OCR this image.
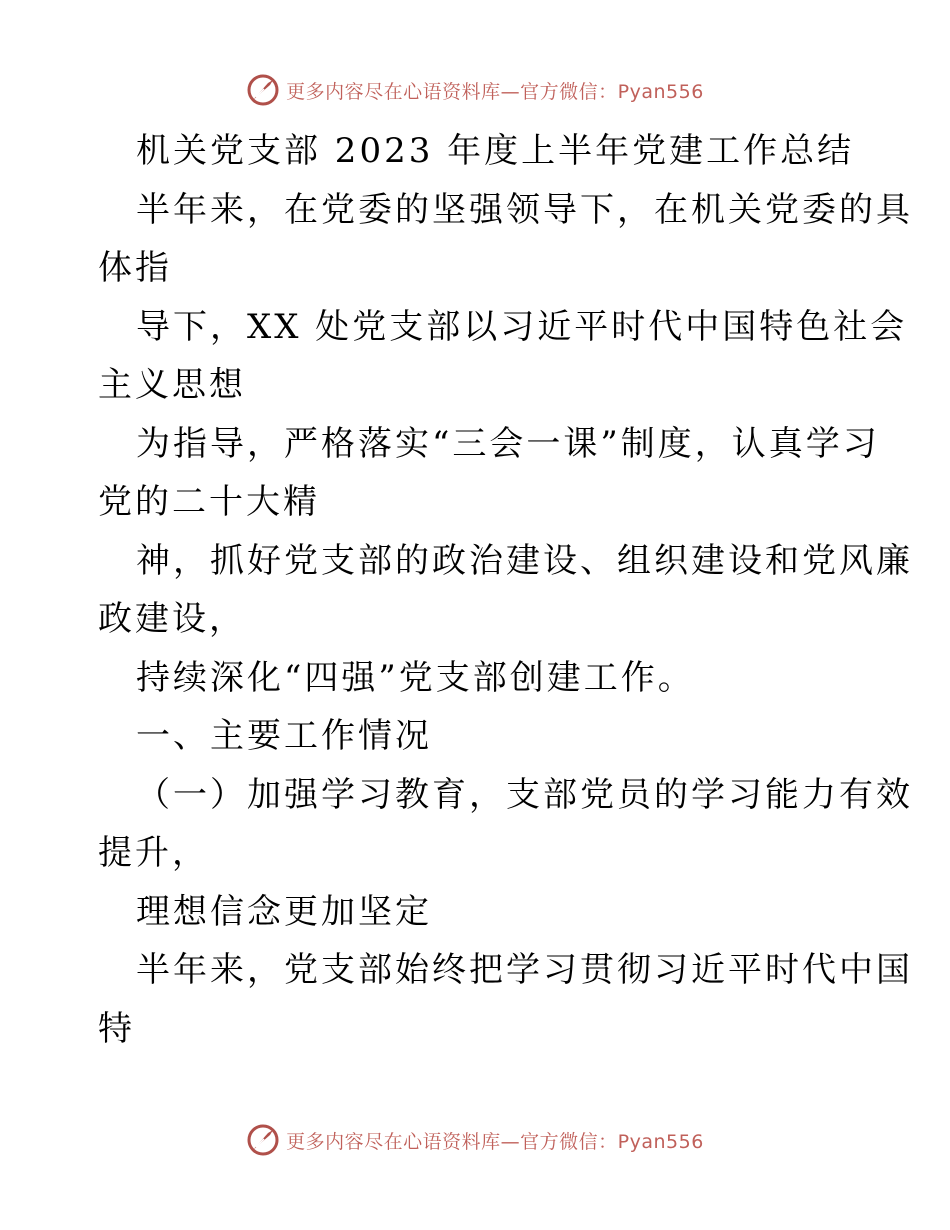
更多内容尽在心语资料库—官方微信：Pyan556
机关党支部 2023 年度上半年党建工作总结
半年来，在党委的坚强领导下，在机关党委的具
体指
导下，XX 处党支部以习近平时代中国特色社会
主义思想
为指导，严格落实“三会一课”制度，认真学习
党的二十大精
神，抓好党支部的政治建设、组织建设和党风廉
政建设，
持续深化“四强”党支部创建工作。
一、主要工作情况
（一）加强学习教育，支部党员的学习能力有效
提升，
理想信念更加坚定
半年来，党支部始终把学习贯彻习近平时代中国
特
更多内容尽在心语资料库—官方微信：Pyan556
